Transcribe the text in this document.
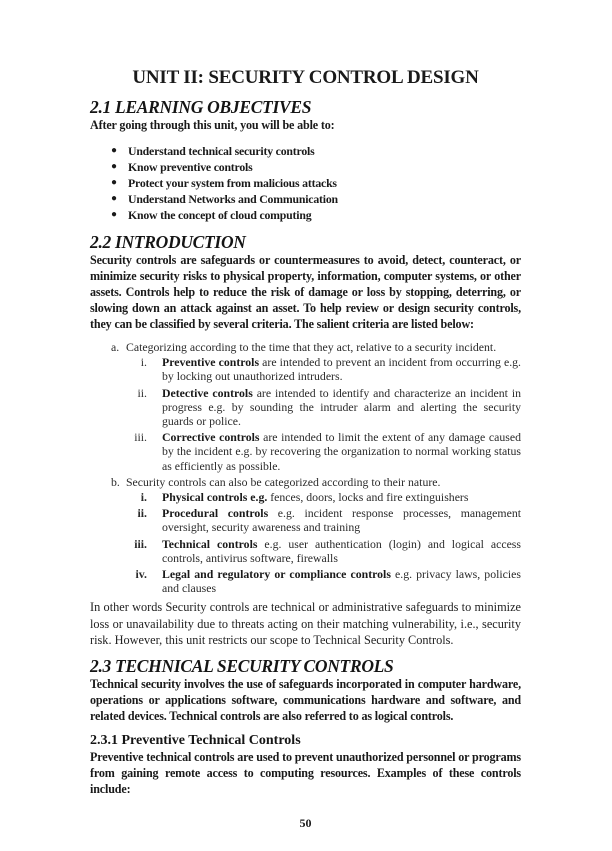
UNIT II: SECURITY CONTROL DESIGN
2.1 LEARNING OBJECTIVES
After going through this unit, you will be able to:
● Understand technical security controls
● Know preventive controls
● Protect your system from malicious attacks
● Understand Networks and Communication
● Know the concept of cloud computing
2.2 INTRODUCTION
Security controls are safeguards or countermeasures to avoid, detect, counteract, or minimize security risks to physical property, information, computer systems, or other assets. Controls help to reduce the risk of damage or loss by stopping, deterring, or slowing down an attack against an asset. To help review or design security controls, they can be classified by several criteria. The salient criteria are listed below:
a. Categorizing according to the time that they act, relative to a security incident.
i. Preventive controls are intended to prevent an incident from occurring e.g. by locking out unauthorized intruders.
ii. Detective controls are intended to identify and characterize an incident in progress e.g. by sounding the intruder alarm and alerting the security guards or police.
iii. Corrective controls are intended to limit the extent of any damage caused by the incident e.g. by recovering the organization to normal working status as efficiently as possible.
b. Security controls can also be categorized according to their nature.
i. Physical controls e.g. fences, doors, locks and fire extinguishers
ii. Procedural controls e.g. incident response processes, management oversight, security awareness and training
iii. Technical controls e.g. user authentication (login) and logical access controls, antivirus software, firewalls
iv. Legal and regulatory or compliance controls e.g. privacy laws, policies and clauses
In other words Security controls are technical or administrative safeguards to minimize loss or unavailability due to threats acting on their matching vulnerability, i.e., security risk. However, this unit restricts our scope to Technical Security Controls.
2.3 TECHNICAL SECURITY CONTROLS
Technical security involves the use of safeguards incorporated in computer hardware, operations or applications software, communications hardware and software, and related devices. Technical controls are also referred to as logical controls.
2.3.1 Preventive Technical Controls
Preventive technical controls are used to prevent unauthorized personnel or programs from gaining remote access to computing resources. Examples of these controls include:
50
